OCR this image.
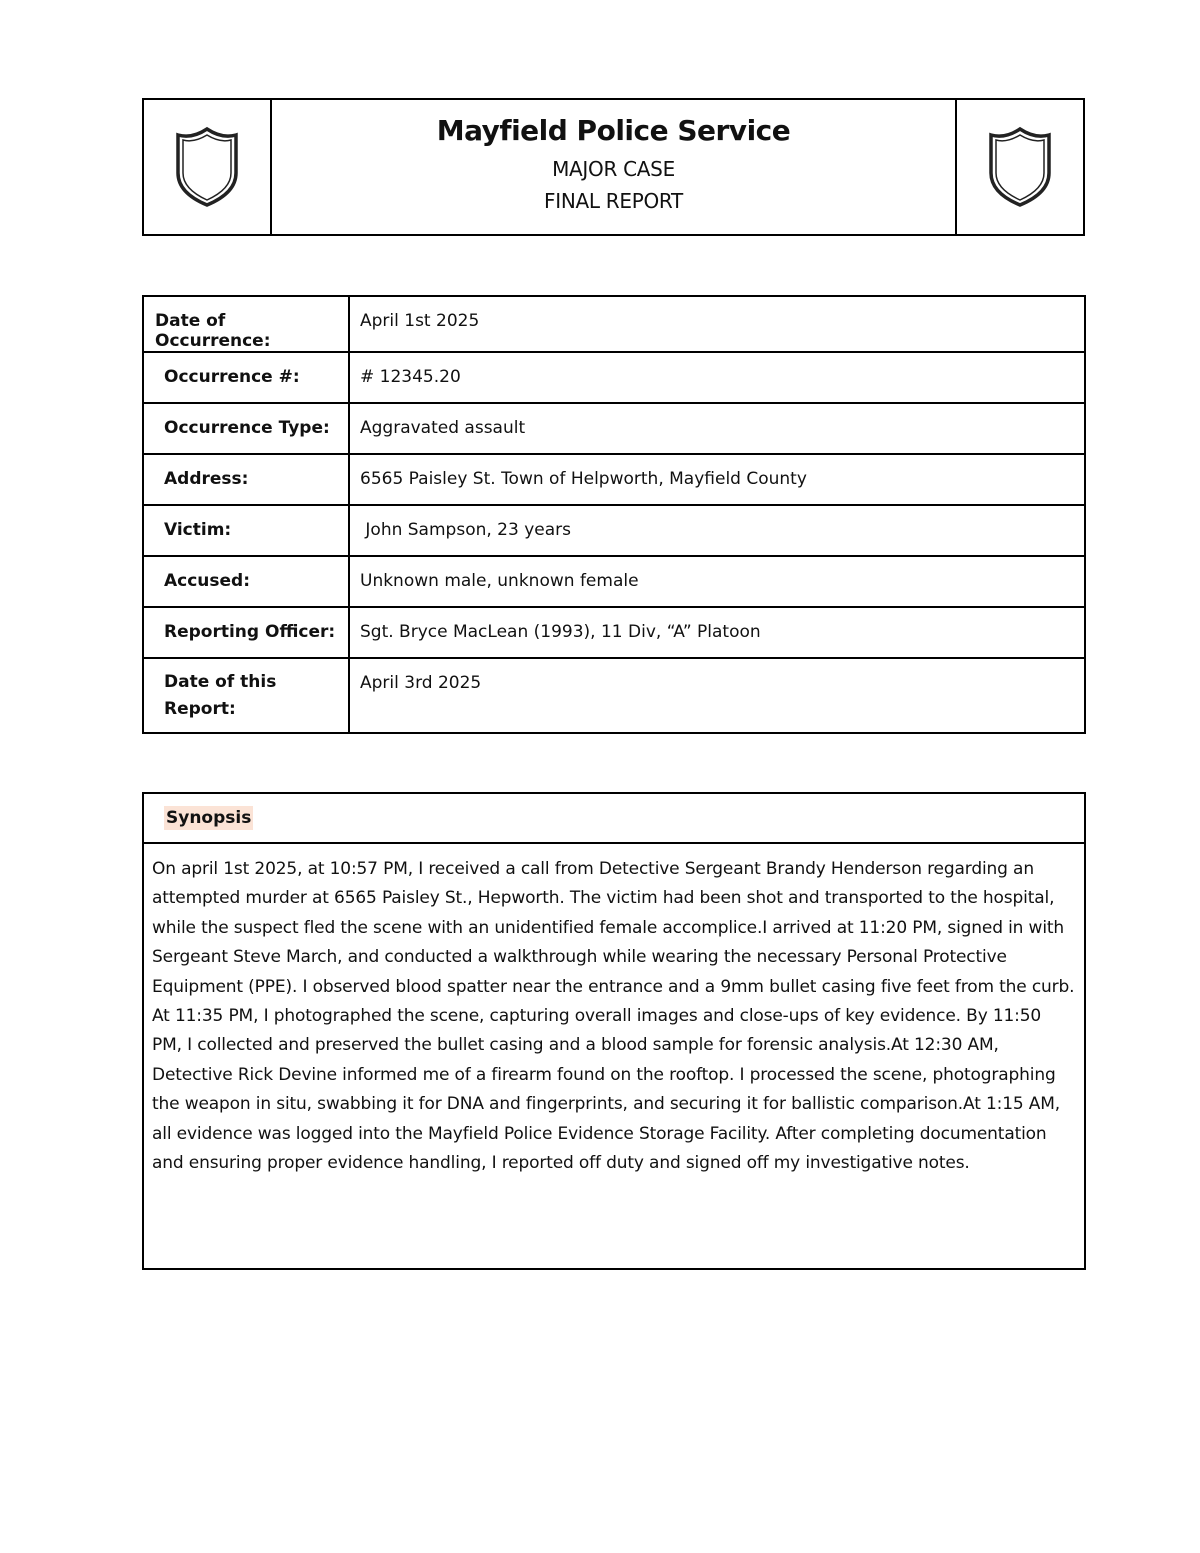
Mayfield Police Service

MAJOR CASE

FINAL REPORT

Date of Occurrence:	April 1st 2025
Occurrence #:	# 12345.20
Occurrence Type:	Aggravated assault
Address:	6565 Paisley St. Town of Helpworth, Mayfield County
Victim:	John Sampson, 23 years
Accused:	Unknown male, unknown female
Reporting Officer:	Sgt. Bryce MacLean (1993), 11 Div, “A” Platoon

Date of this
Report:	April 3rd 2025
Synopsis
On april 1st 2025, at 10:57 PM, I received a call from Detective Sergeant Brandy Henderson regarding an attempted murder at 6565 Paisley St., Hepworth. The victim had been shot and transported to the hospital, while the suspect fled the scene with an unidentified female accomplice.I arrived at 11:20 PM, signed in with Sergeant Steve March, and conducted a walkthrough while wearing the necessary Personal Protective Equipment (PPE). I observed blood spatter near the entrance and a 9mm bullet casing five feet from the curb. At 11:35 PM, I photographed the scene, capturing overall images and close-ups of key evidence. By 11:50 PM, I collected and preserved the bullet casing and a blood sample for forensic analysis.At 12:30 AM, Detective Rick Devine informed me of a firearm found on the rooftop. I processed the scene, photographing the weapon in situ, swabbing it for DNA and fingerprints, and securing it for ballistic comparison.At 1:15 AM, all evidence was logged into the Mayfield Police Evidence Storage Facility. After completing documentation and ensuring proper evidence handling, I reported off duty and signed off my investigative notes.
